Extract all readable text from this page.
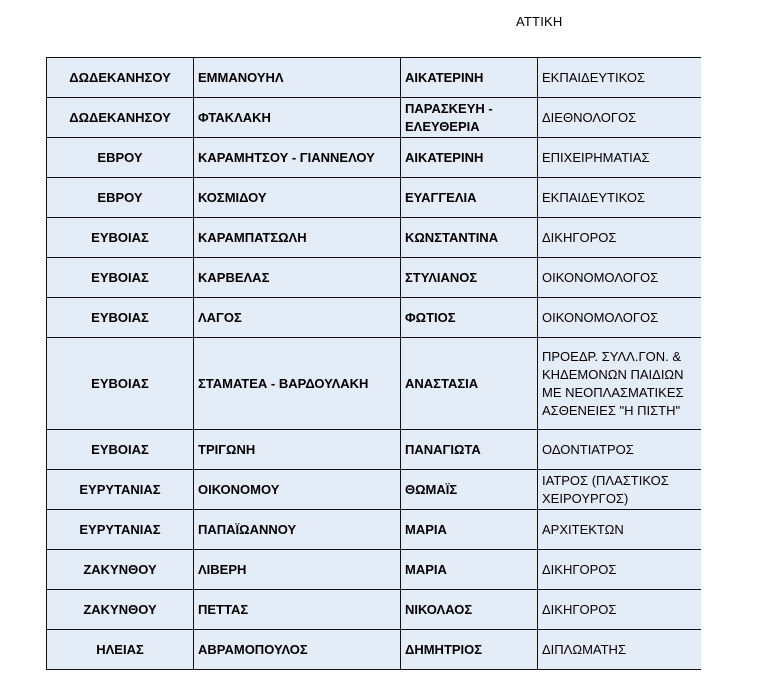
ΑΤΤΙΚΗ
ΔΩΔΕΚΑΝΗΣΟΥ	ΕΜΜΑΝΟΥΗΛ	ΑΙΚΑΤΕΡΙΝΗ	ΕΚΠΑΙΔΕΥΤΙΚΟΣ
ΔΩΔΕΚΑΝΗΣΟΥ	ΦΤΑΚΛΑΚΗ	ΠΑΡΑΣΚΕΥΗ - ΕΛΕΥΘΕΡΙΑ	ΔΙΕΘΝΟΛΟΓΟΣ
ΕΒΡΟΥ	ΚΑΡΑΜΗΤΣΟΥ - ΓΙΑΝΝΕΛΟΥ	ΑΙΚΑΤΕΡΙΝΗ	ΕΠΙΧΕΙΡΗΜΑΤΙΑΣ
ΕΒΡΟΥ	ΚΟΣΜΙΔΟΥ	ΕΥΑΓΓΕΛΙΑ	ΕΚΠΑΙΔΕΥΤΙΚΟΣ
ΕΥΒΟΙΑΣ	ΚΑΡΑΜΠΑΤΣΩΛΗ	ΚΩΝΣΤΑΝΤΙΝΑ	ΔΙΚΗΓΟΡΟΣ
ΕΥΒΟΙΑΣ	ΚΑΡΒΕΛΑΣ	ΣΤΥΛΙΑΝΟΣ	ΟΙΚΟΝΟΜΟΛΟΓΟΣ
ΕΥΒΟΙΑΣ	ΛΑΓΟΣ	ΦΩΤΙΟΣ	ΟΙΚΟΝΟΜΟΛΟΓΟΣ
ΕΥΒΟΙΑΣ	ΣΤΑΜΑΤΕΑ - ΒΑΡΔΟΥΛΑΚΗ	ΑΝΑΣΤΑΣΙΑ	ΠΡΟΕΔΡ. ΣΥΛΛ.ΓΟΝ. & ΚΗΔΕΜΟΝΩΝ ΠΑΙΔΙΩΝ ΜΕ ΝΕΟΠΛΑΣΜΑΤΙΚΕΣ ΑΣΘΕΝΕΙΕΣ "Η ΠΙΣΤΗ"
ΕΥΒΟΙΑΣ	ΤΡΙΓΩΝΗ	ΠΑΝΑΓΙΩΤΑ	ΟΔΟΝΤΙΑΤΡΟΣ
ΕΥΡΥΤΑΝΙΑΣ	ΟΙΚΟΝΟΜΟΥ	ΘΩΜΑΪΣ	ΙΑΤΡΟΣ (ΠΛΑΣΤΙΚΟΣ ΧΕΙΡΟΥΡΓΟΣ)
ΕΥΡΥΤΑΝΙΑΣ	ΠΑΠΑΪΩΑΝΝΟΥ	ΜΑΡΙΑ	ΑΡΧΙΤΕΚΤΩΝ
ΖΑΚΥΝΘΟΥ	ΛΙΒΕΡΗ	ΜΑΡΙΑ	ΔΙΚΗΓΟΡΟΣ
ΖΑΚΥΝΘΟΥ	ΠΕΤΤΑΣ	ΝΙΚΟΛΑΟΣ	ΔΙΚΗΓΟΡΟΣ
ΗΛΕΙΑΣ	ΑΒΡΑΜΟΠΟΥΛΟΣ	ΔΗΜΗΤΡΙΟΣ	ΔΙΠΛΩΜΑΤΗΣ
